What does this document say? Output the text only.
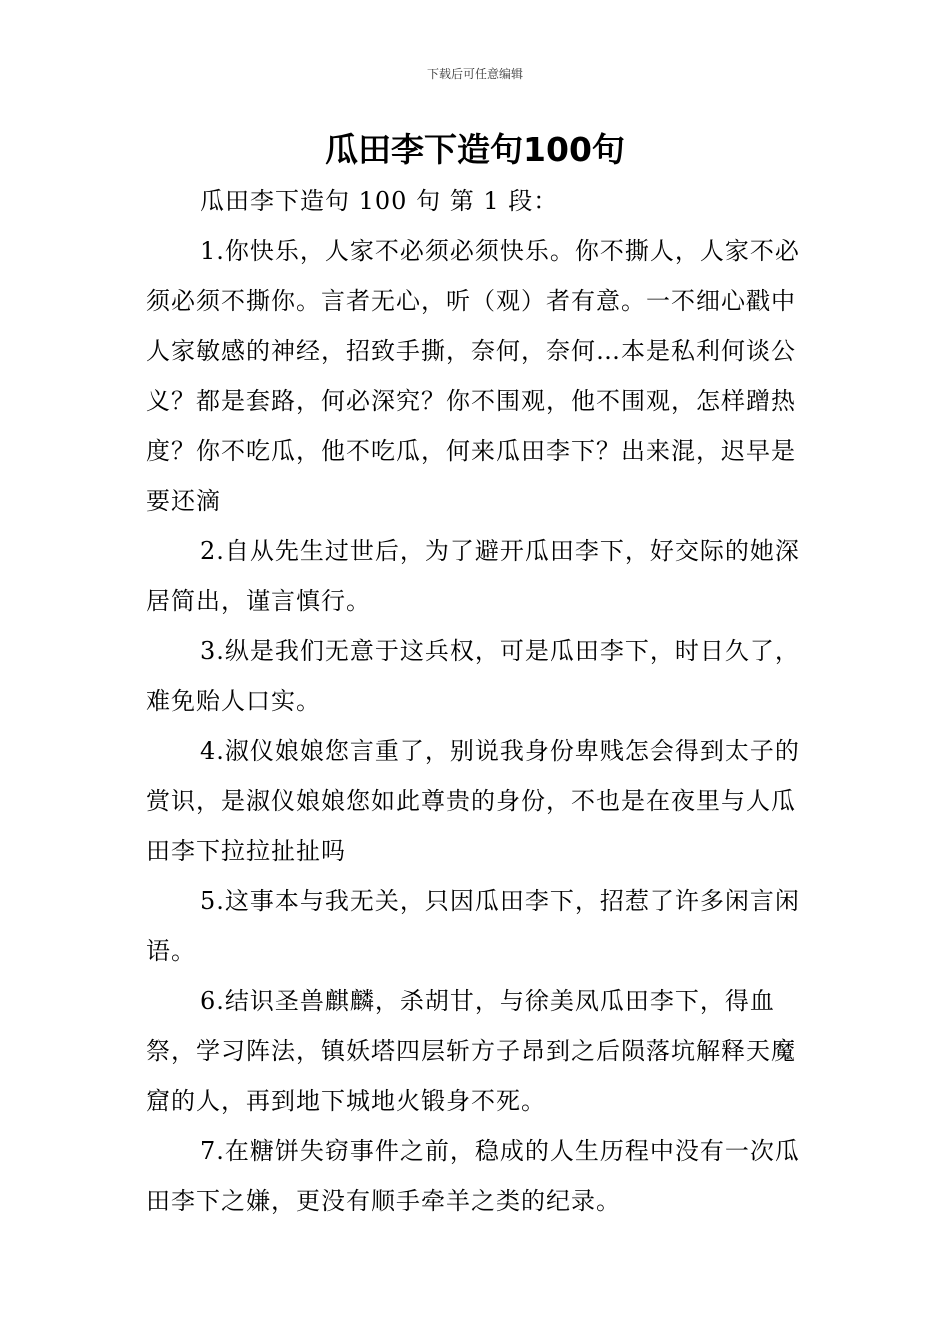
下载后可任意编辑
瓜田李下造句100句

瓜田李下造句 100 句 第 1 段：

1.你快乐，人家不必须必须快乐。你不撕人，人家不必须必须不撕你。言者无心，听（观）者有意。一不细心戳中人家敏感的神经，招致手撕，奈何，奈何…本是私利何谈公义？都是套路，何必深究？你不围观，他不围观，怎样蹭热度？你不吃瓜，他不吃瓜，何来瓜田李下？出来混，迟早是要还滴

2.自从先生过世后，为了避开瓜田李下，好交际的她深居简出，谨言慎行。

3.纵是我们无意于这兵权，可是瓜田李下，时日久了，难免贻人口实。

4.淑仪娘娘您言重了，别说我身份卑贱怎会得到太子的赏识，是淑仪娘娘您如此尊贵的身份，不也是在夜里与人瓜田李下拉拉扯扯吗

5.这事本与我无关，只因瓜田李下，招惹了许多闲言闲语。

6.结识圣兽麒麟，杀胡甘，与徐美凤瓜田李下，得血祭，学习阵法，镇妖塔四层斩方子昂到之后陨落坑解释天魔窟的人，再到地下城地火锻身不死。

7.在糖饼失窃事件之前，稳成的人生历程中没有一次瓜田李下之嫌，更没有顺手牵羊之类的纪录。
